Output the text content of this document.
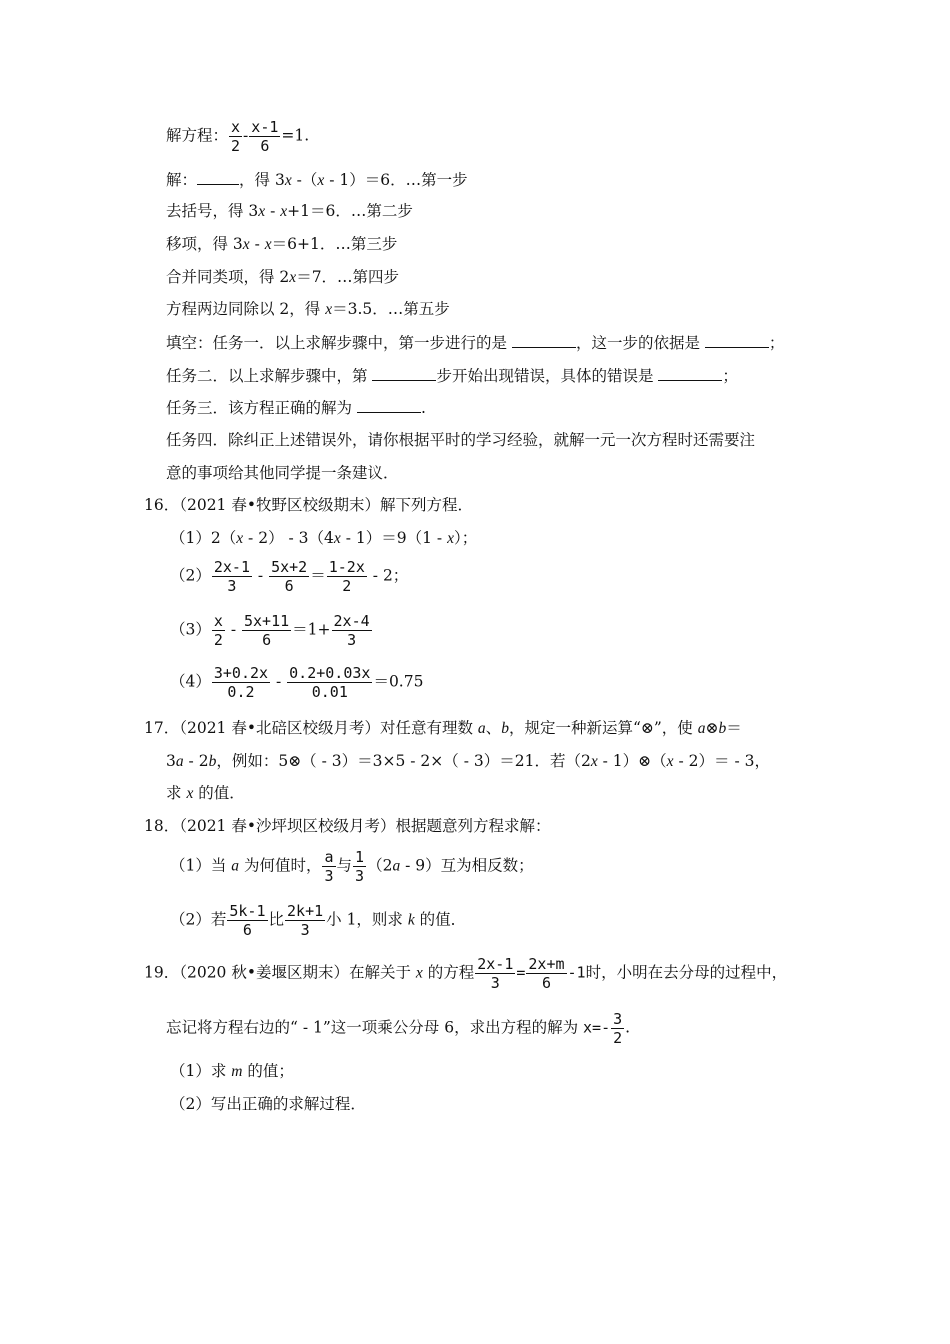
解方程： $\frac{x}{2} - \frac{x-1}{6} =1$.
解：	，得 3x -（x - 1）＝6．…第一步
去括号，得 3x - x+1＝6．…第二步
移项，得 3x - x＝6+1．…第三步
合并同类项，得 2x＝7．…第四步
方程两边同除以 2，得 x＝3.5．…第五步
填空：任务一．以上求解步骤中，第一步进行的是	，这一步的依据是	；
任务二．以上求解步骤中，第	步开始出现错误，具体的错误是	；
任务三．该方程正确的解为	.
任务四．除纠正上述错误外，请你根据平时的学习经验，就解一元一次方程时还需要注
意的事项给其他同学提一条建议．
16．（2021 春•牧野区校级期末）解下列方程．
（1）2（x - 2） - 3（4x - 1）＝9（1 - x）；
$(2) \frac{2x-1}{3} - \frac{5x+2}{6} = \frac{1-2x}{2} - 2$；
$(3) \frac{x}{2} - \frac{5x+11}{6} =1+ \frac{2x-4}{3}$
$(4) \frac{3+0.2x}{0.2} - \frac{0.2+0.03x}{0.01} =0.75$
17．（2021 春•北碚区校级月考）对任意有理数 a、b，规定一种新运算“⊗”，使 a⊗b＝
3a - 2b，例如：5⊗（ - 3）＝3×5 - 2×（ - 3）＝21．若（2x - 1）⊗（x - 2）＝ - 3，
求 x 的值．
18．（2021 春•沙坪坝区校级月考）根据题意列方程求解：
（1）当 a 为何值时， $\frac{a}{3}$ 与 $\frac{1}{3} (2a - 9)$互为相反数；
（2）若 $\frac{5k-1}{6}$ 比 $\frac{2k+1}{3}$ 小 1，则求 k 的值．
19．（2020 秋•姜堰区期末）在解关于 x 的方程 $\frac{2x-1}{3} = \frac{2x+m}{6} -1$时，小明在去分母的过程中，
忘记将方程右边的“ - 1”这一项乘公分母 6，求出方程的解为 $x=- \frac{3}{2}$ .
（1）求 m 的值；
（2）写出正确的求解过程．
